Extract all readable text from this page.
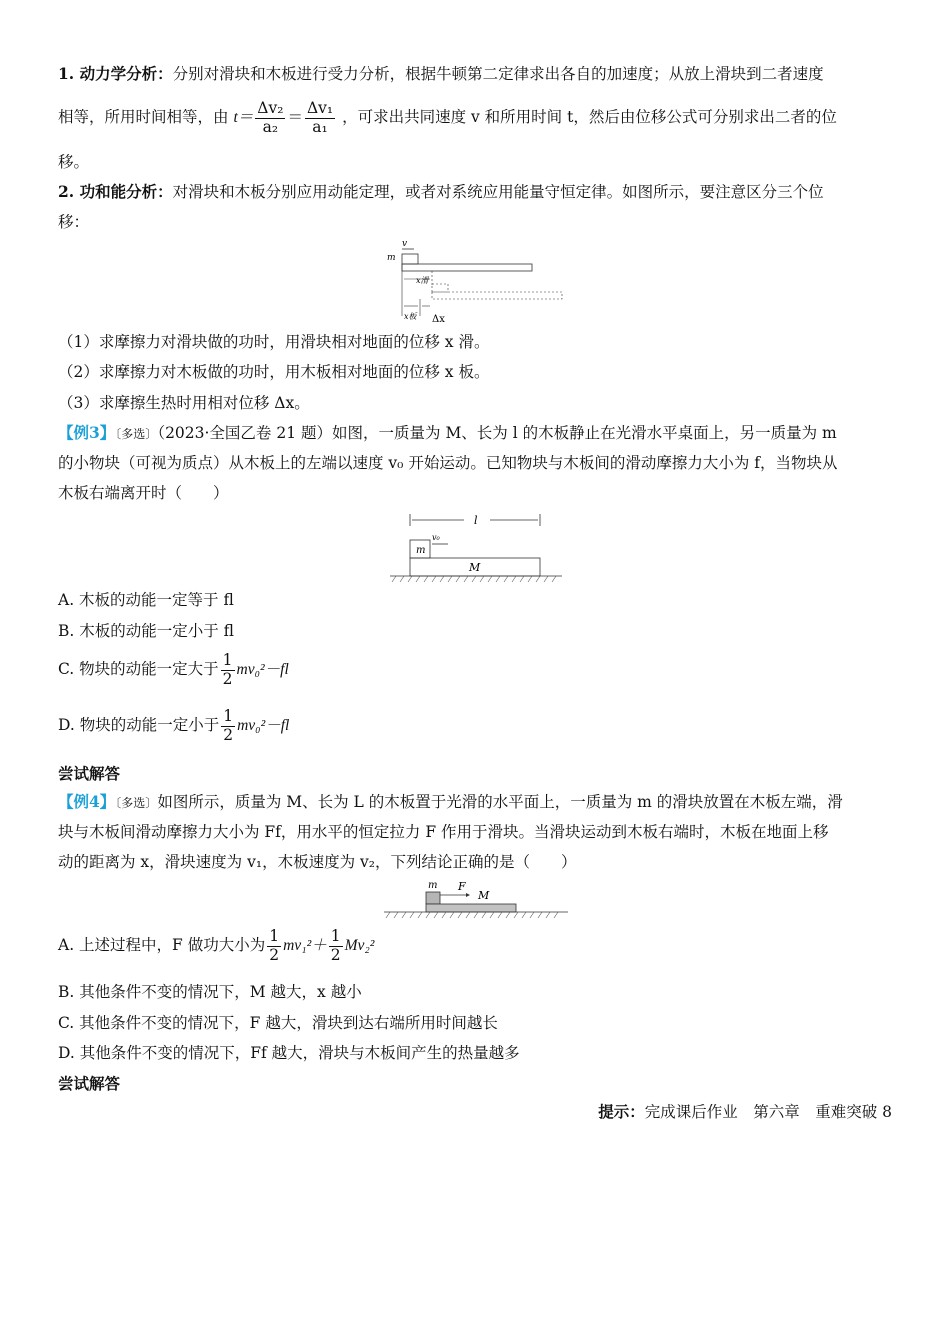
1. 动力学分析：分别对滑块和木板进行受力分析，根据牛顿第二定律求出各自的加速度；从放上滑块到二者速度
相等，所用时间相等，由 $t= \frac{\text{Δv₂}}{\text{a₂}} = \frac{\text{Δv₁}}{\text{a₁}}$ ，可求出共同速度 v 和所用时间 t，然后由位移公式可分别求出二者的位
移。
2. 功和能分析：对滑块和木板分别应用动能定理，或者对系统应用能量守恒定律。如图所示，要注意区分三个位
移：
v
m
x滑
x板 Δx
（1）求摩擦力对滑块做的功时，用滑块相对地面的位移 x 滑。
（2）求摩擦力对木板做的功时，用木板相对地面的位移 x 板。
（3）求摩擦生热时用相对位移 Δx。
【例3】〔多选〕（2023·全国乙卷 21 题）如图，一质量为 M、长为 l 的木板静止在光滑水平桌面上，另一质量为 m
的小物块（可视为质点）从木板上的左端以速度 v₀ 开始运动。已知物块与木板间的滑动摩擦力大小为 f，当物块从
木板右端离开时（　　）
l
m
v₀
M
A. 木板的动能一定等于 fl
B. 木板的动能一定小于 fl
C. 物块的动能一定大于 $\frac{1}{2} mv_0^2-fl$
D. 物块的动能一定小于 $\frac{1}{2} mv_0^2-fl$
尝试解答
【例4】〔多选〕如图所示，质量为 M、长为 L 的木板置于光滑的水平面上，一质量为 m 的滑块放置在木板左端，滑
块与木板间滑动摩擦力大小为 Ff，用水平的恒定拉力 F 作用于滑块。当滑块运动到木板右端时，木板在地面上移
动的距离为 x，滑块速度为 v₁，木板速度为 v₂，下列结论正确的是（　　）
m F
M
A. 上述过程中，F 做功大小为 $\frac{1}{2} mv_1^2+ \frac{1}{2} Mv_2^2$
B. 其他条件不变的情况下，M 越大，x 越小
C. 其他条件不变的情况下，F 越大，滑块到达右端所用时间越长
D. 其他条件不变的情况下，Ff 越大，滑块与木板间产生的热量越多
尝试解答
提示：完成课后作业　第六章　重难突破 8
